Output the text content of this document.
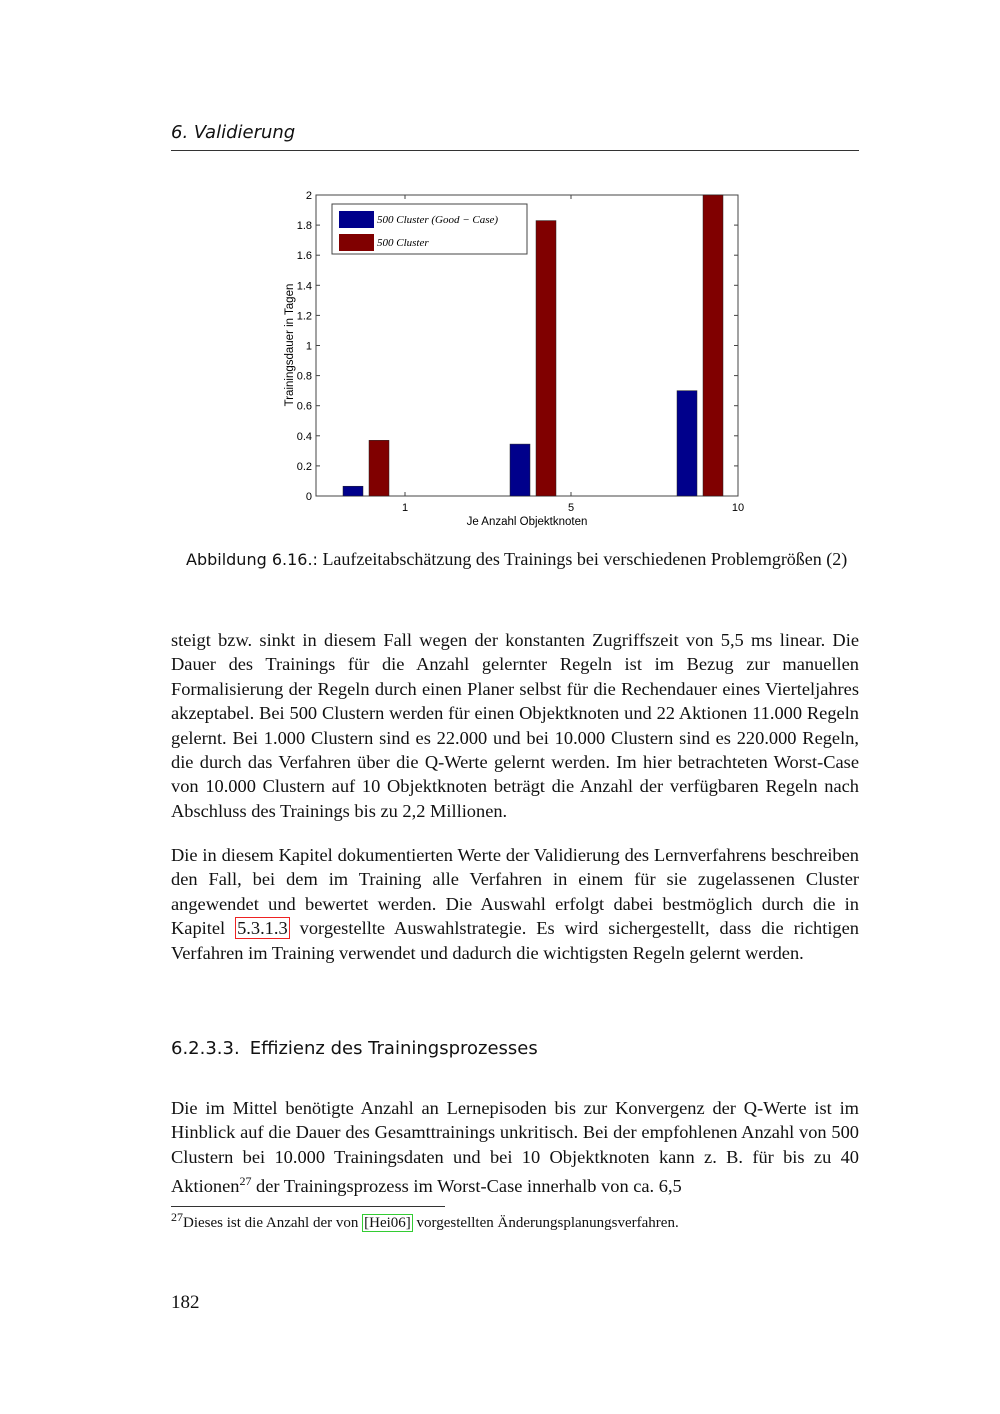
6. Validierung
0
0.2
0.4
0.6
0.8
1
1.2
1.4
1.6
1.8
2
1	5	10
Je Anzahl Objektknoten
Trainingsdauer in Tagen
500 Cluster (Good − Case)
500 Cluster
Abbildung 6.16.: Laufzeitabschätzung des Trainings bei verschiedenen Problemgrößen (2)
steigt bzw. sinkt in diesem Fall wegen der konstanten Zugriffszeit von 5,5 ms linear. Die Dauer des Trainings für die Anzahl gelernter Regeln ist im Bezug zur manuellen Formalisierung der Regeln durch einen Planer selbst für die Rechendauer eines Vierteljahres akzeptabel. Bei 500 Clustern werden für einen Objektknoten und 22 Aktionen 11.000 Regeln gelernt. Bei 1.000 Clustern sind es 22.000 und bei 10.000 Clustern sind es 220.000 Regeln, die durch das Verfahren über die Q-Werte gelernt werden. Im hier betrachteten Worst-Case von 10.000 Clustern auf 10 Objektknoten beträgt die Anzahl der verfügbaren Regeln nach Abschluss des Trainings bis zu 2,2 Millionen.
Die in diesem Kapitel dokumentierten Werte der Validierung des Lernverfahrens beschreiben den Fall, bei dem im Training alle Verfahren in einem für sie zugelassenen Cluster angewendet und bewertet werden. Die Auswahl erfolgt dabei bestmöglich durch die in Kapitel 5.3.1.3 vorgestellte Auswahlstrategie. Es wird sichergestellt, dass die richtigen Verfahren im Training verwendet und dadurch die wichtigsten Regeln gelernt werden.
6.2.3.3. Effizienz des Trainingsprozesses
Die im Mittel benötigte Anzahl an Lernepisoden bis zur Konvergenz der Q-Werte ist im Hinblick auf die Dauer des Gesamttrainings unkritisch. Bei der empfohlenen Anzahl von 500 Clustern bei 10.000 Trainingsdaten und bei 10 Objektknoten kann z. B. für bis zu 40 Aktionen$^{27}$ der Trainingsprozess im Worst-Case innerhalb von ca. 6,5
$^{27}$Dieses ist die Anzahl der von [Hei06] vorgestellten Änderungsplanungsverfahren.
182
